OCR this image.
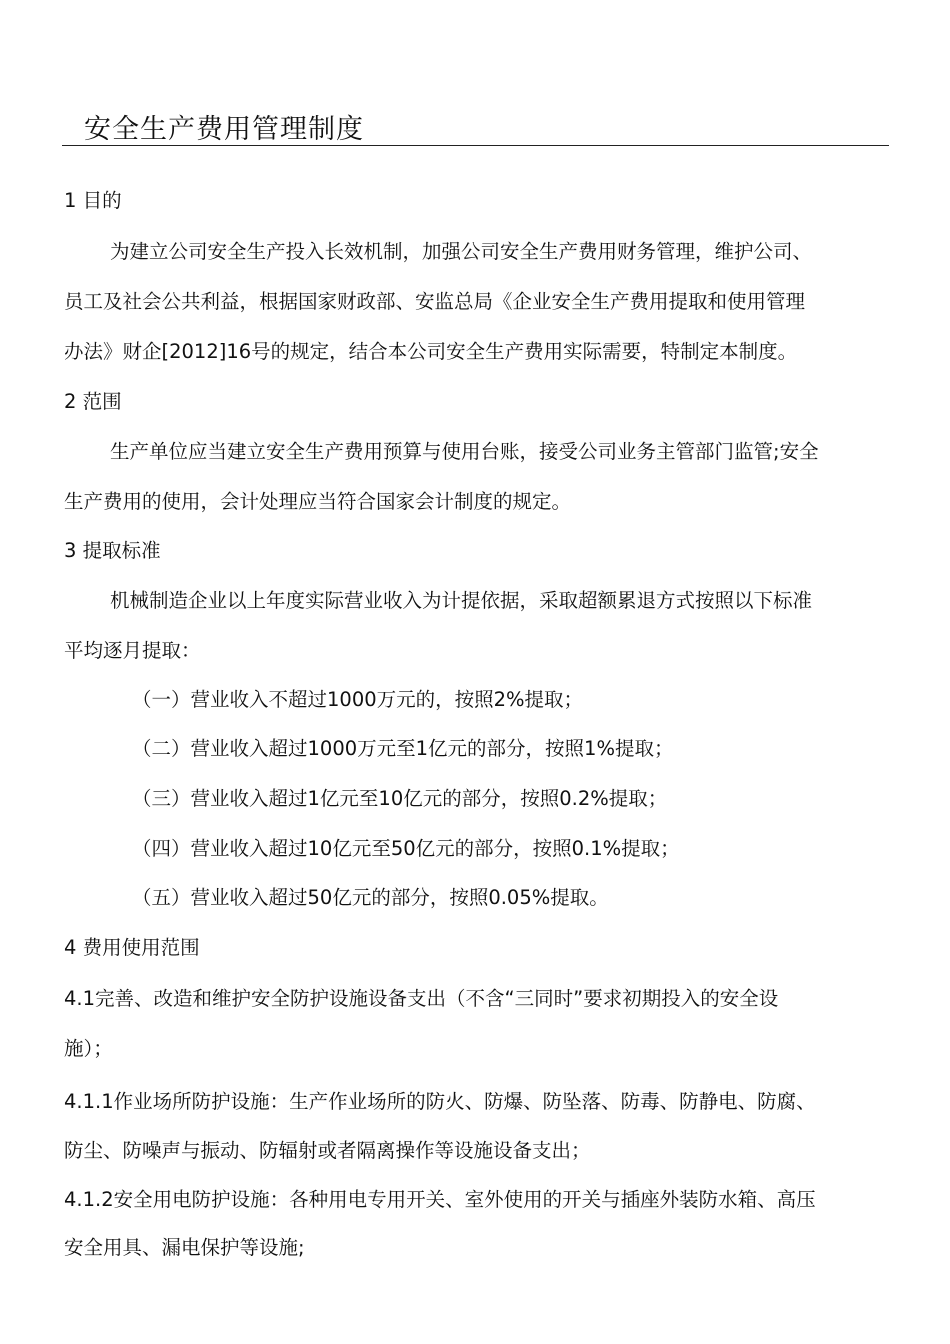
安全生产费用管理制度
1 目的
为建立公司安全生产投入长效机制，加强公司安全生产费用财务管理，维护公司、
员工及社会公共利益，根据国家财政部、安监总局《企业安全生产费用提取和使用管理
办法》财企[2012]16号的规定，结合本公司安全生产费用实际需要，特制定本制度。
2 范围
生产单位应当建立安全生产费用预算与使用台账，接受公司业务主管部门监管;安全
生产费用的使用，会计处理应当符合国家会计制度的规定。
3 提取标准
机械制造企业以上年度实际营业收入为计提依据，采取超额累退方式按照以下标准
平均逐月提取：
（一）营业收入不超过1000万元的，按照2%提取；
（二）营业收入超过1000万元至1亿元的部分，按照1%提取；
（三）营业收入超过1亿元至10亿元的部分，按照0.2%提取；
（四）营业收入超过10亿元至50亿元的部分，按照0.1%提取；
（五）营业收入超过50亿元的部分，按照0.05%提取。
4 费用使用范围
4.1完善、改造和维护安全防护设施设备支出（不含“三同时”要求初期投入的安全设
施）；
4.1.1作业场所防护设施：生产作业场所的防火、防爆、防坠落、防毒、防静电、防腐、
防尘、防噪声与振动、防辐射或者隔离操作等设施设备支出；
4.1.2安全用电防护设施：各种用电专用开关、室外使用的开关与插座外装防水箱、高压
安全用具、漏电保护等设施;
